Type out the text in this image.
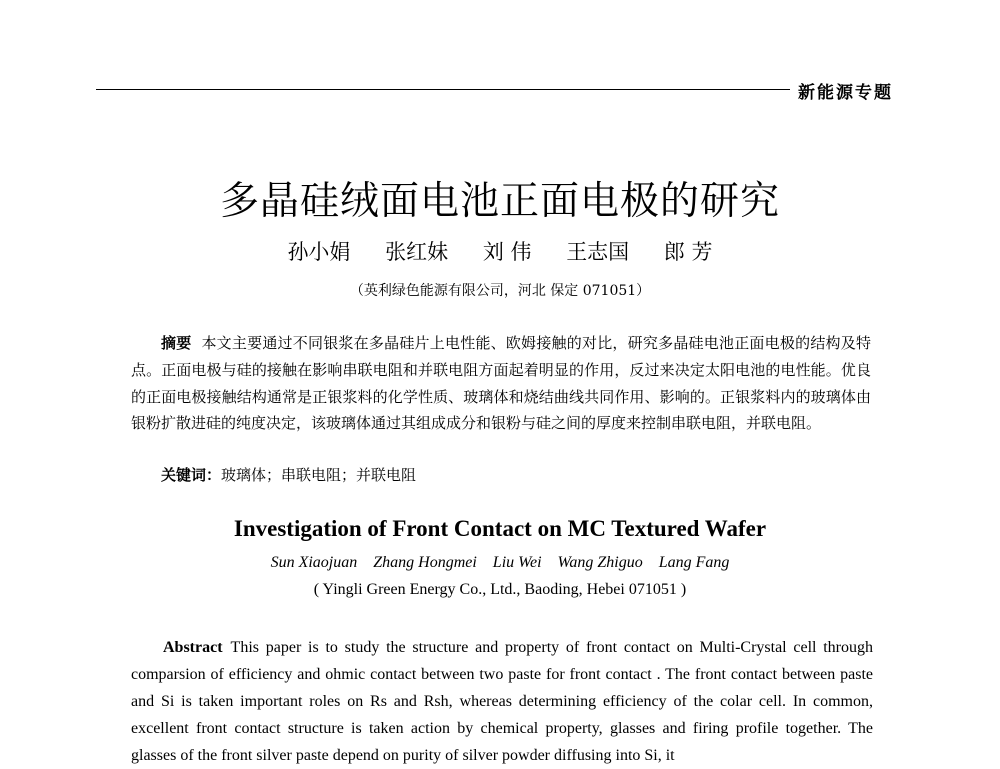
新能源专题
多晶硅绒面电池正面电极的研究
孙小娟 张红妹 刘 伟 王志国 郎 芳
（英利绿色能源有限公司，河北 保定 071051）
摘要 本文主要通过不同银浆在多晶硅片上电性能、欧姆接触的对比，研究多晶硅电池正面电极的结构及特点。正面电极与硅的接触在影响串联电阻和并联电阻方面起着明显的作用，反过来决定太阳电池的电性能。优良的正面电极接触结构通常是正银浆料的化学性质、玻璃体和烧结曲线共同作用、影响的。正银浆料内的玻璃体由银粉扩散进硅的纯度决定，该玻璃体通过其组成成分和银粉与硅之间的厚度来控制串联电阻，并联电阻。
关键词：玻璃体；串联电阻；并联电阻
Investigation of Front Contact on MC Textured Wafer
Sun Xiaojuan Zhang Hongmei Liu Wei Wang Zhiguo Lang Fang
( Yingli Green Energy Co., Ltd., Baoding, Hebei 071051 )
Abstract This paper is to study the structure and property of front contact on Multi-Crystal cell through comparsion of efficiency and ohmic contact between two paste for front contact . The front contact between paste and Si is taken important roles on Rs and Rsh, whereas determining efficiency of the colar cell. In common, excellent front contact structure is taken action by chemical property, glasses and firing profile together. The glasses of the front silver paste depend on purity of silver powder diffusing into Si, it
